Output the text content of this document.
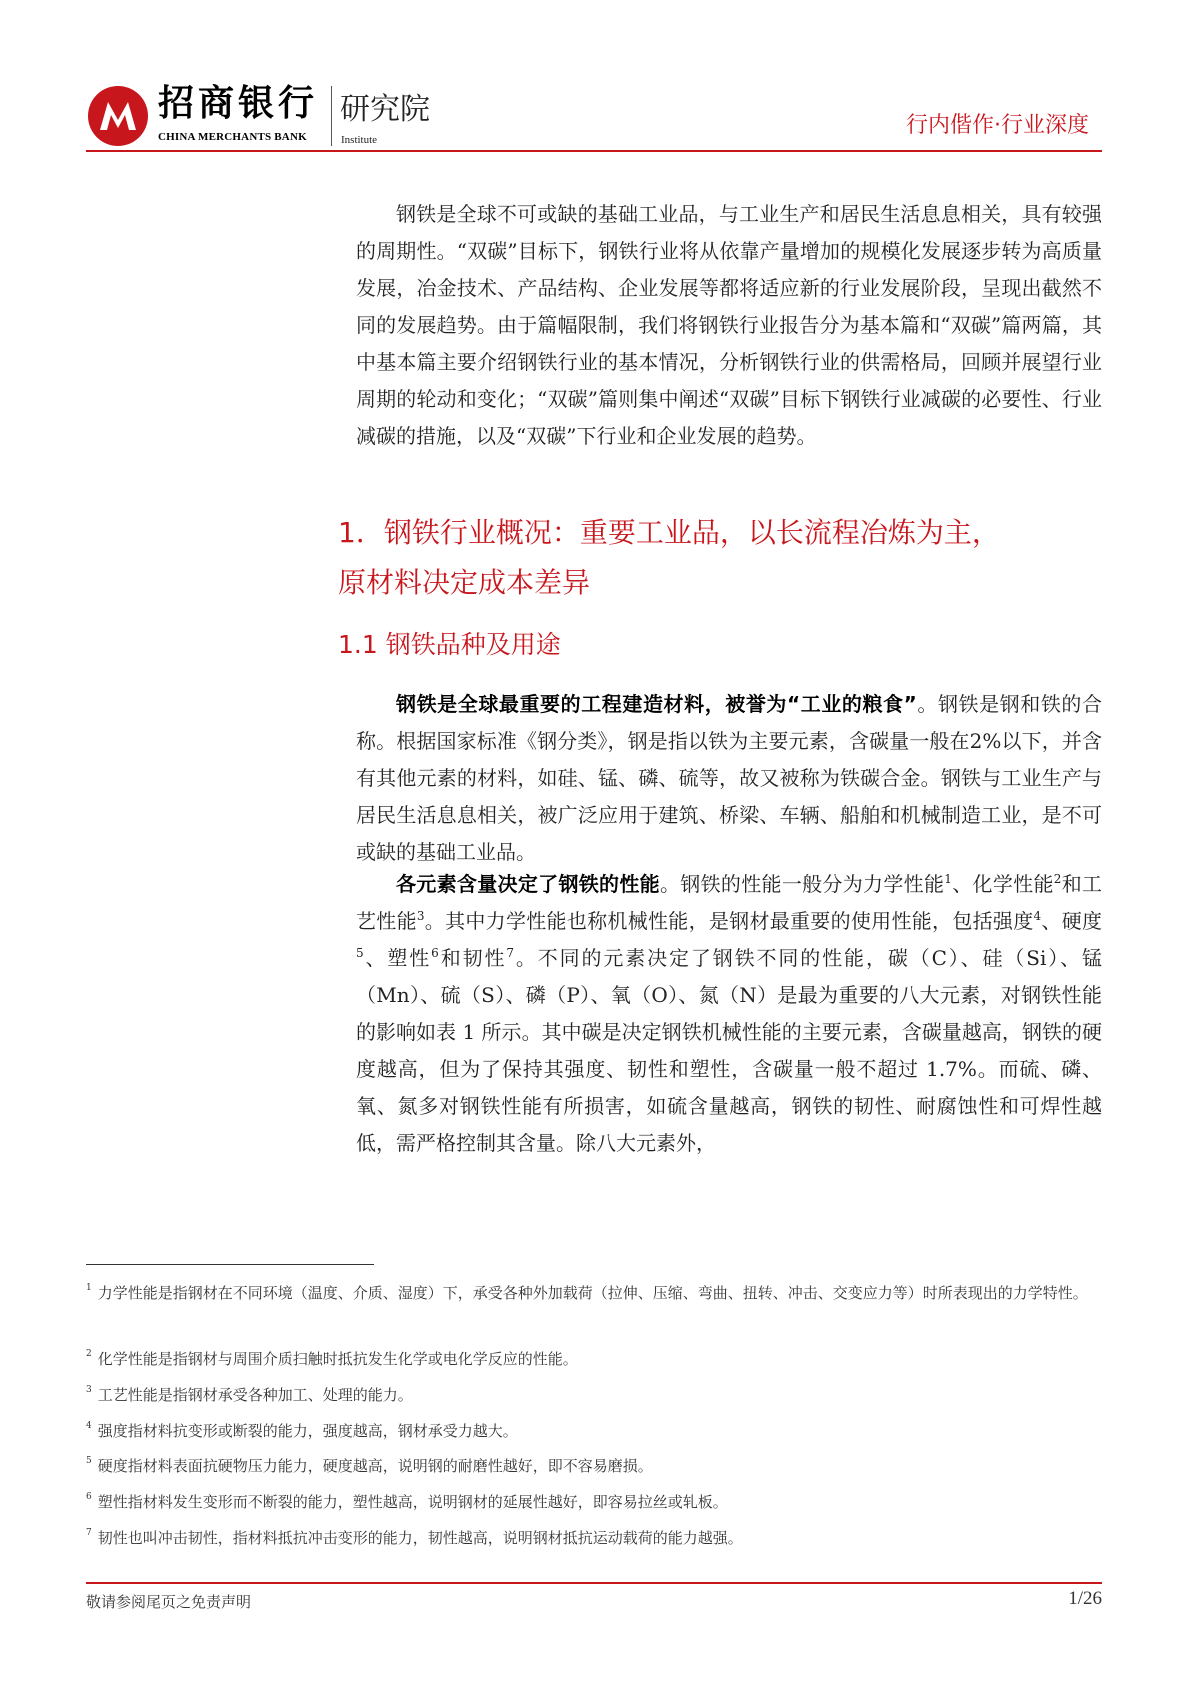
招商银行
CHINA MERCHANTS BANK
研究院
Institute
行内偕作·行业深度

钢铁是全球不可或缺的基础工业品，与工业生产和居民生活息息相关，具有较强的周期性。“双碳”目标下，钢铁行业将从依靠产量增加的规模化发展逐步转为高质量发展，冶金技术、产品结构、企业发展等都将适应新的行业发展阶段，呈现出截然不同的发展趋势。由于篇幅限制，我们将钢铁行业报告分为基本篇和“双碳”篇两篇，其中基本篇主要介绍钢铁行业的基本情况，分析钢铁行业的供需格局，回顾并展望行业周期的轮动和变化；“双碳”篇则集中阐述“双碳”目标下钢铁行业减碳的必要性、行业减碳的措施，以及“双碳”下行业和企业发展的趋势。

1．钢铁行业概况：重要工业品，以长流程冶炼为主，
原材料决定成本差异
1.1 钢铁品种及用途

钢铁是全球最重要的工程建造材料，被誉为“工业的粮食”。钢铁是钢和铁的合称。根据国家标准《钢分类》，钢是指以铁为主要元素，含碳量一般在2%以下，并含有其他元素的材料，如硅、锰、磷、硫等，故又被称为铁碳合金。钢铁与工业生产与居民生活息息相关，被广泛应用于建筑、桥梁、车辆、船舶和机械制造工业，是不可或缺的基础工业品。

各元素含量决定了钢铁的性能。钢铁的性能一般分为力学性能$^1$、化学性能$^2$和工艺性能$^3$。其中力学性能也称机械性能，是钢材最重要的使用性能，包括强度$^4$、硬度$^5$、塑性$^6$和韧性$^7$。不同的元素决定了钢铁不同的性能，碳（C）、硅（Si）、锰（Mn）、硫（S）、磷（P）、氧（O）、氮（N）是最为重要的八大元素，对钢铁性能的影响如表 1 所示。其中碳是决定钢铁机械性能的主要元素，含碳量越高，钢铁的硬度越高，但为了保持其强度、韧性和塑性，含碳量一般不超过 1.7%。而硫、磷、氧、氮多对钢铁性能有所损害，如硫含量越高，钢铁的韧性、耐腐蚀性和可焊性越低，需严格控制其含量。除八大元素外，

$^1$ 力学性能是指钢材在不同环境（温度、介质、湿度）下，承受各种外加载荷（拉伸、压缩、弯曲、扭转、冲击、交变应力等）时所表现出的力学特性。

$^2$ 化学性能是指钢材与周围介质扫触时抵抗发生化学或电化学反应的性能。

$^3$ 工艺性能是指钢材承受各种加工、处理的能力。

$^4$ 强度指材料抗变形或断裂的能力，强度越高，钢材承受力越大。

$^5$ 硬度指材料表面抗硬物压力能力，硬度越高，说明钢的耐磨性越好，即不容易磨损。

$^6$ 塑性指材料发生变形而不断裂的能力，塑性越高，说明钢材的延展性越好，即容易拉丝或轧板。

$^7$ 韧性也叫冲击韧性，指材料抵抗冲击变形的能力，韧性越高，说明钢材抵抗运动载荷的能力越强。

敬请参阅尾页之免责声明	1/26
